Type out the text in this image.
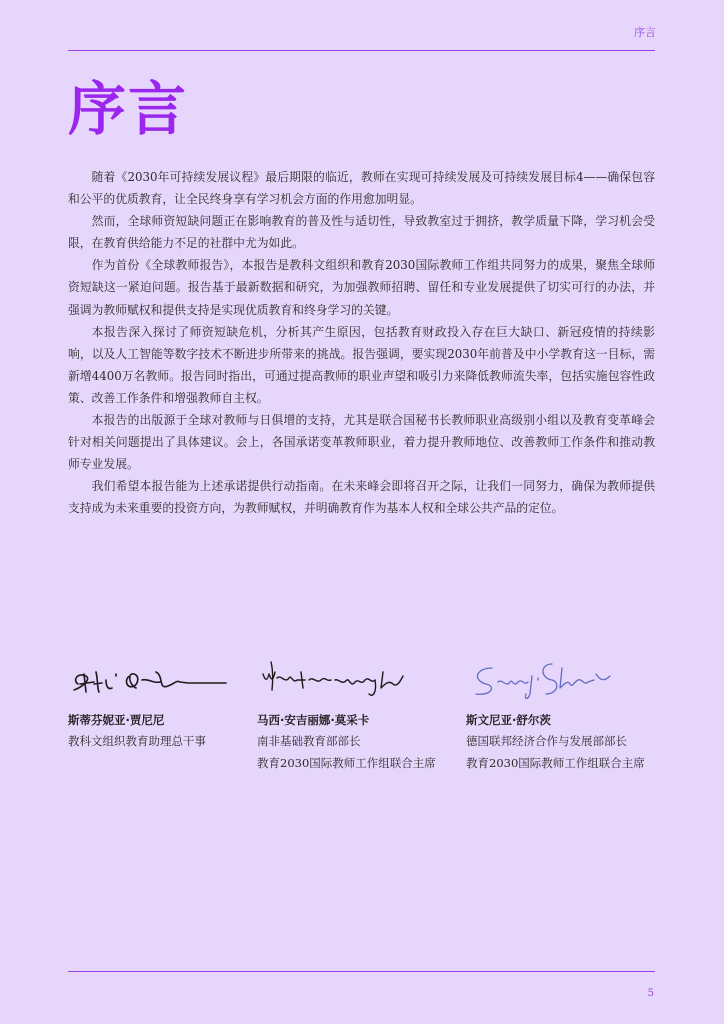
序言
序言

随着《2030年可持续发展议程》最后期限的临近，教师在实现可持续发展及可持续发展目标4——确保包容和公平的优质教育，让全民终身享有学习机会方面的作用愈加明显。

然而，全球师资短缺问题正在影响教育的普及性与适切性，导致教室过于拥挤，教学质量下降，学习机会受限，在教育供给能力不足的社群中尤为如此。

作为首份《全球教师报告》，本报告是教科文组织和教育2030国际教师工作组共同努力的成果，聚焦全球师资短缺这一紧迫问题。报告基于最新数据和研究，为加强教师招聘、留任和专业发展提供了切实可行的办法，并强调为教师赋权和提供支持是实现优质教育和终身学习的关键。

本报告深入探讨了师资短缺危机，分析其产生原因，包括教育财政投入存在巨大缺口、新冠疫情的持续影响，以及人工智能等数字技术不断进步所带来的挑战。报告强调，要实现2030年前普及中小学教育这一目标，需新增4400万名教师。报告同时指出，可通过提高教师的职业声望和吸引力来降低教师流失率，包括实施包容性政策、改善工作条件和增强教师自主权。

本报告的出版源于全球对教师与日俱增的支持，尤其是联合国秘书长教师职业高级别小组以及教育变革峰会针对相关问题提出了具体建议。会上，各国承诺变革教师职业，着力提升教师地位、改善教师工作条件和推动教师专业发展。

我们希望本报告能为上述承诺提供行动指南。在未来峰会即将召开之际，让我们一同努力，确保为教师提供支持成为未来重要的投资方向，为教师赋权，并明确教育作为基本人权和全球公共产品的定位。

斯蒂芬妮亚·贾尼尼
教科文组织教育助理总干事
马西·安吉丽娜·莫采卡
南非基础教育部部长
教育2030国际教师工作组联合主席
斯文尼亚·舒尔茨
德国联邦经济合作与发展部部长
教育2030国际教师工作组联合主席
5
